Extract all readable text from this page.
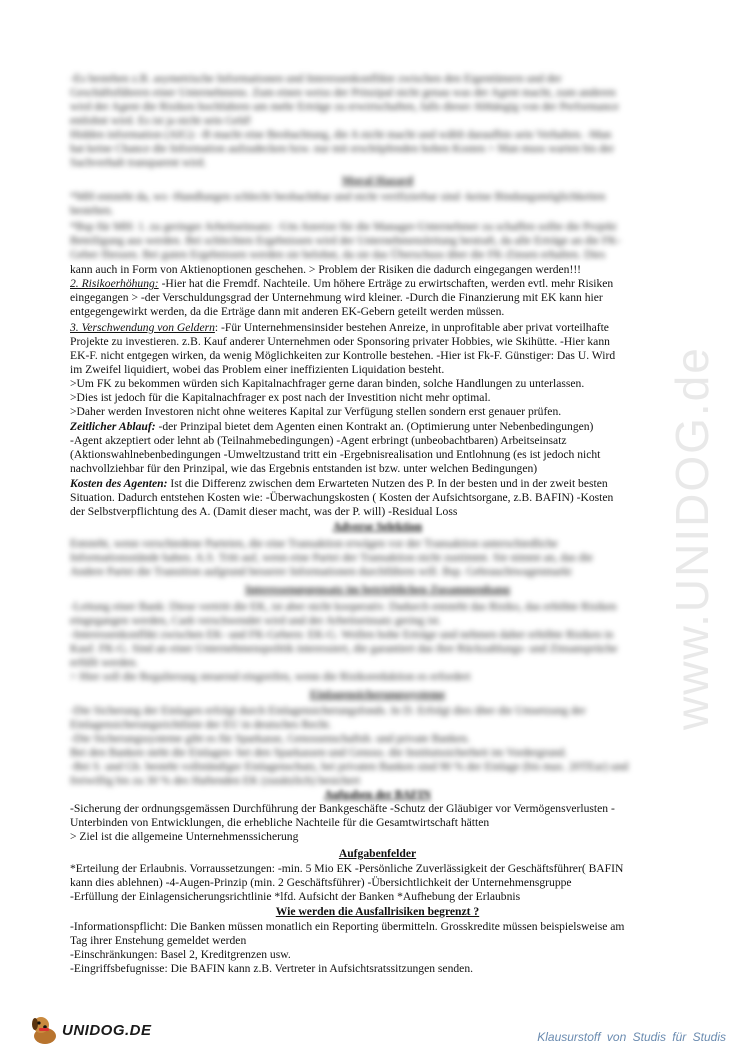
www.UNIDOG.de
-Es bestehen z.B. asymetrische Informationen und Interessenkonflikte zwischen den Eigentümern und der
Geschäftsführern einer Unternehmens. Zum einen weiss der Prinzipal nicht genau was der Agent macht, zum anderen
wird der Agent die Risiken hochfahren um mehr Erträge zu erwirtschaften, falls dieser Abhängig von der Performance
entlohnt wird. Es ist ja nicht sein Geld!
Hidden information (AIG): -B macht eine Beobachtung, die A nicht macht und wählt daraufhin sein Verhalten. -Man
hat keine Chance die Information aufzudecken bzw. nur mit erschöpfenden hohen Kosten > Man muss warten bis der
Sachverhalt transparent wird.
Moral Hazard
*MH entsteht da, wo -Handlungen schlecht beobachtbar und nicht verifizierbar sind -keine Bindungsmöglichkeiten
bestehen.
*Bsp für MH: 1. zu geringer Arbeitseinsatz: -Um Anreize für die Manager-Unternehmer zu schaffen sollte die Projekt
Beteiligung aus werden. Bei schlechten Ergebnissen wird der Unternehmensleitung bestraft, da alle Erträge an die FK-
Geber fliessen. Bei guten Ergebnissen werden sie belohnt, da sie das Überschuss über die FK-Zinsen erhalten. Dies
kann auch in Form von Aktienoptionen geschehen. > Problem der Risiken die dadurch eingegangen werden!!!
2. Risikoerhöhung: -Hier hat die Fremdf. Nachteile. Um höhere Erträge zu erwirtschaften, werden evtl. mehr Risiken
eingegangen > -der Verschuldungsgrad der Unternehmung wird kleiner. -Durch die Finanzierung mit EK kann hier
entgegengewirkt werden, da die Erträge dann mit anderen EK-Gebern geteilt werden müssen.
3. Verschwendung von Geldern: -Für Unternehmensinsider bestehen Anreize, in unprofitable aber privat vorteilhafte
Projekte zu investieren. z.B. Kauf anderer Unternehmen oder Sponsoring privater Hobbies, wie Skihütte. -Hier kann
EK-F. nicht entgegen wirken, da wenig Möglichkeiten zur Kontrolle bestehen. -Hier ist Fk-F. Günstiger: Das U. Wird
im Zweifel liquidiert, wobei das Problem einer ineffizienten Liquidation besteht.
>Um FK zu bekommen würden sich Kapitalnachfrager gerne daran binden, solche Handlungen zu unterlassen.
>Dies ist jedoch für die Kapitalnachfrager ex post nach der Investition nicht mehr optimal.
>Daher werden Investoren nicht ohne weiteres Kapital zur Verfügung stellen sondern erst genauer prüfen.
Zeitlicher Ablauf: -der Prinzipal bietet dem Agenten einen Kontrakt an. (Optimierung unter Nebenbedingungen)
-Agent akzeptiert oder lehnt ab (Teilnahmebedingungen) -Agent erbringt (unbeobachtbaren) Arbeitseinsatz
(Aktionswahlnebenbedingungen -Umweltzustand tritt ein -Ergebnisrealisation und Entlohnung (es ist jedoch nicht
nachvollziehbar für den Prinzipal, wie das Ergebnis entstanden ist bzw. unter welchen Bedingungen)
Kosten des Agenten: Ist die Differenz zwischen dem Erwarteten Nutzen des P. In der besten und in der zweit besten
Situation. Dadurch entstehen Kosten wie: -Überwachungskosten ( Kosten der Aufsichtsorgane, z.B. BAFIN) -Kosten
der Selbstverpflichtung des A. (Damit dieser macht, was der P. will) -Residual Loss
Adverse Selektion
Entsteht, wenn verschiedene Parteien, die eine Transaktion erwägen vor der Transaktion unterschiedliche
Informationsstände haben. A.S. Tritt auf, wenn eine Partei der Transaktion nicht zustimmt. Sie nimmt an, das die
Andere Partei die Transition aufgrund besserer Informationen durchführen will. Bsp. Gebrauchtwagenmarkt
Interessengegensatz im betrieblichen Zusammenhang
-Leitung einer Bank: Diese vertritt die EK, ist aber nicht kooperativ. Dadurch entsteht das Risiko, das erhöhte Risiken
eingegangen werden, Cash verschwendet wird und der Arbeitseinsatz gering ist.
-Interessenkonflikt zwischen EK- und FK-Gebern: EK-G. Wollen hohe Erträge und nehmen daher erhöhte Risiken in
Kauf. FK-G. Sind an einer Unternehmenspolitik interessiert, die garantiert das ihre Rückzahlungs- und Zinsansprüche
erfüllt werden.
> Hier soll die Regulierung steuernd eingreifen, wenn die Risikoreduktion es erfordert
Einlagensicherungssysteme
-Die Sicherung der Einlagen erfolgt durch Einlagensicherungsfonds. In D. Erfolgt dies über die Umsetzung der
Einlagensicherungsrichtlinie der EU in deutsches Recht.
-Die Sicherungssysteme gibt es für Sparkasse, Genossenschaftsb. und private Banken.
Bei den Banken steht die Einlagen- bei den Sparkassen und Genoss. die Institutssicherheit im Vordergrund.
-Bei S. und Gb. besteht vollständiger Einlagenschutz, bei privaten Banken sind 90 % der Einlage (bis max. 20TEur) und
freiwillig bis zu 30 % des Haftenden EK (zusätzlich) besichert
Aufgaben der BAFIN
-Sicherung der ordnungsgemässen Durchführung der Bankgeschäfte -Schutz der Gläubiger vor Vermögensverlusten -
Unterbinden von Entwicklungen, die erhebliche Nachteile für die Gesamtwirtschaft hätten
> Ziel ist die allgemeine Unternehmenssicherung
Aufgabenfelder
*Erteilung der Erlaubnis. Vorraussetzungen: -min. 5 Mio EK -Persönliche Zuverlässigkeit der Geschäftsführer( BAFIN
kann dies ablehnen) -4-Augen-Prinzip (min. 2 Geschäftsführer) -Übersichtlichkeit der Unternehmensgruppe
-Erfüllung der Einlagensicherungsrichtlinie *lfd. Aufsicht der Banken *Aufhebung der Erlaubnis
Wie werden die Ausfallrisiken begrenzt ?
-Informationspflicht: Die Banken müssen monatlich ein Reporting übermitteln. Grosskredite müssen beispielsweise am
Tag ihrer Enstehung gemeldet werden
-Einschränkungen: Basel 2, Kreditgrenzen usw.
-Eingriffsbefugnisse: Die BAFIN kann z.B. Vertreter in Aufsichtsratssitzungen senden.
UNIDOG.DE	Klausurstoff von Studis für Studis
